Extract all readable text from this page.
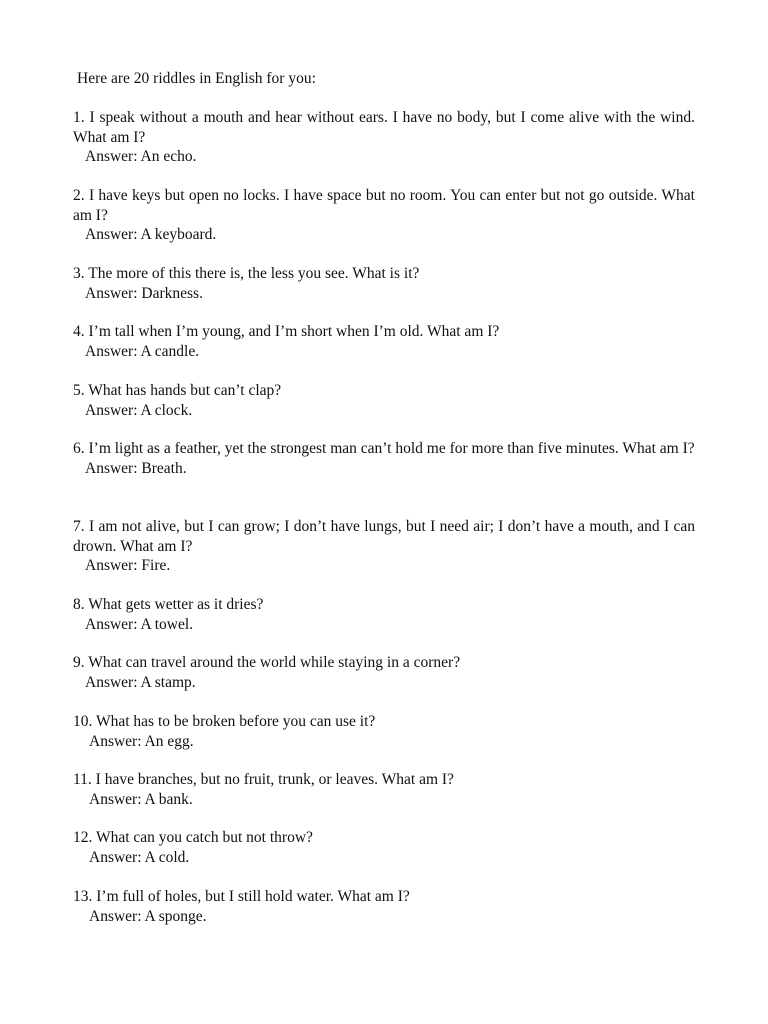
Here are 20 riddles in English for you:
1. I speak without a mouth and hear without ears. I have no body, but I come alive with the wind. What am I?
Answer: An echo.
2. I have keys but open no locks. I have space but no room. You can enter but not go outside. What am I?
Answer: A keyboard.
3. The more of this there is, the less you see. What is it?
Answer: Darkness.
4. I’m tall when I’m young, and I’m short when I’m old. What am I?
Answer: A candle.
5. What has hands but can’t clap?
Answer: A clock.
6. I’m light as a feather, yet the strongest man can’t hold me for more than five minutes. What am I?
Answer: Breath.
7. I am not alive, but I can grow; I don’t have lungs, but I need air; I don’t have a mouth, and I can drown. What am I?
Answer: Fire.
8. What gets wetter as it dries?
Answer: A towel.
9. What can travel around the world while staying in a corner?
Answer: A stamp.
10. What has to be broken before you can use it?
Answer: An egg.
11. I have branches, but no fruit, trunk, or leaves. What am I?
Answer: A bank.
12. What can you catch but not throw?
Answer: A cold.
13. I’m full of holes, but I still hold water. What am I?
Answer: A sponge.
